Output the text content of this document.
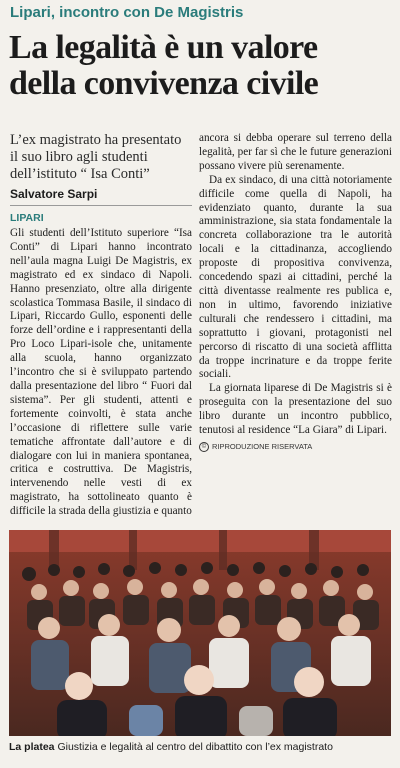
Lipari, incontro con De Magistris
La legalità è un valore
della convivenza civile

L’ex magistrato ha presentato il suo libro agli studenti dell’istituto “ Isa Conti”

Salvatore Sarpi
LIPARI

Gli studenti dell’Istituto superiore “Isa Conti” di Lipari hanno incontrato nell’aula magna Luigi De Magistris, ex magistrato ed ex sindaco di Napoli. Hanno presenziato, oltre alla dirigente scolastica Tommasa Basile, il sindaco di Lipari, Riccardo Gullo, esponenti delle forze dell’ordine e i rappresentanti della Pro Loco Lipari-isole che, unitamente alla scuola, hanno organizzato l’incontro che si è sviluppato partendo dalla presentazione del libro “ Fuori dal sistema”. Per gli studenti, attenti e fortemente coinvolti, è stata anche l’occasione di riflettere sulle varie tematiche affrontate dall’autore e di dialogare con lui in maniera spontanea, critica e costruttiva. De Magistris, intervenendo nelle vesti di ex magistrato, ha sottolineato quanto è difficile la strada della giustizia e quanto

ancora si debba operare sul terreno della legalità, per far sì che le future generazioni possano vivere più serenamente.

Da ex sindaco, di una città notoriamente difficile come quella di Napoli, ha evidenziato quanto, durante la sua amministrazione, sia stata fondamentale la concreta collaborazione tra le autorità locali e la cittadinanza, accogliendo proposte di propositiva convivenza, concedendo spazi ai cittadini, perché la città diventasse realmente res publica e, non in ultimo, favorendo iniziative culturali che rendessero i cittadini, ma soprattutto i giovani, protagonisti nel percorso di riscatto di una società afflitta da troppe incrinature e da troppe ferite sociali.

La giornata liparese di De Magistris si è proseguita con la presentazione del suo libro durante un incontro pubblico, tenutosi al residence “La Giara” di Lipari.

© RIPRODUZIONE RISERVATA
La platea Giustizia e legalità al centro del dibattito con l’ex magistrato
